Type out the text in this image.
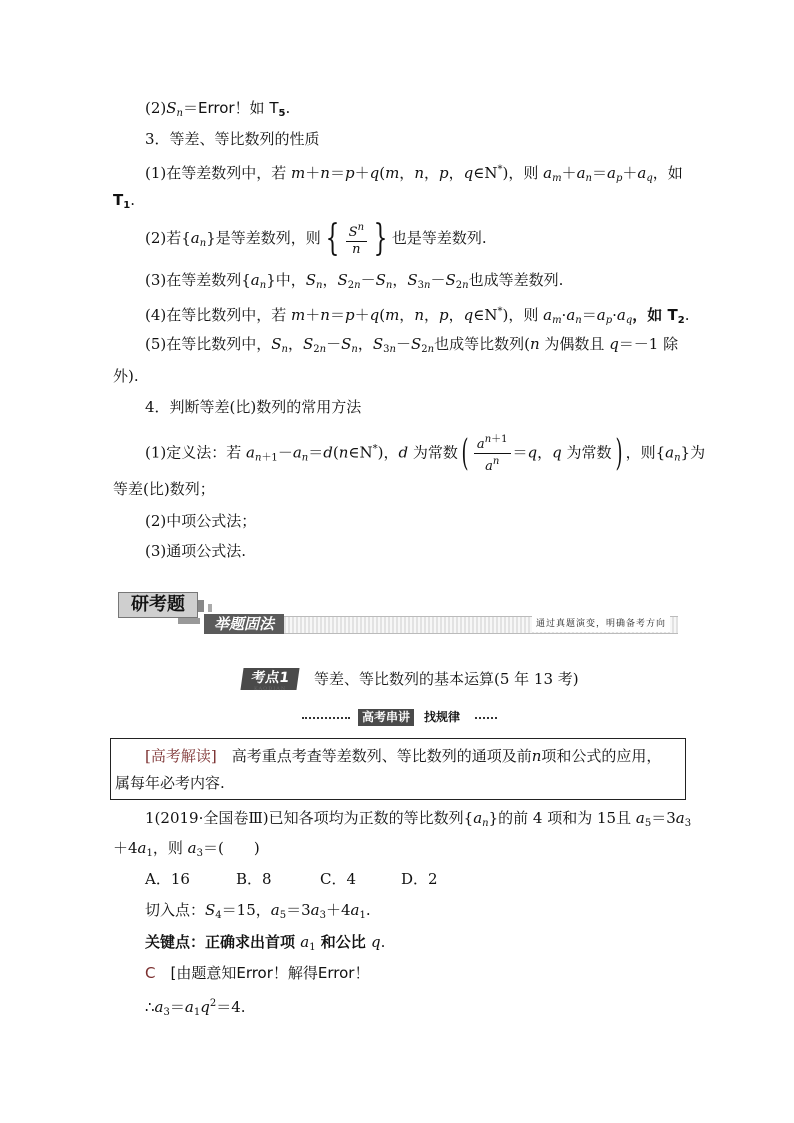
$(2)S_n=Error$！如 $T_5$.
3．等差、等比数列的性质
(1)在等差数列中，若 m＋n＝p＋q(m，n，p，q∈N*)，则 $a_m+a_n=a_p+a_q$，如
$T_1$.
(2)若$\{a_n\}$是等差数列，则 { $\frac{S^n}{n}$ } 也是等差数列.
(3)在等差数列$\{a_n\}$中，$S_n$，$S_{2n}-S_n$，$S_{3n}-S_{2n}$也成等差数列.
(4)在等比数列中，若 m＋n＝p＋q(m，n，p，q∈N*)，则 $a_m\cdot a_n=a_p\cdot a_q$，如 $T_2$.
(5)在等比数列中，$S_n$，$S_{2n}-S_n$，$S_{3n}-S_{2n}$也成等比数列(n 为偶数且 q＝－1 除
外).
4．判断等差(比)数列的常用方法
(1)定义法：若 $a_{n+1}-a_n=d(n\in N^*)$，d 为常数( $\frac{a^{n+1}}{a^n} =q$，q 为常数) ，则$\{a_n\}$为
等差(比)数列；
(2)中项公式法；
(3)通项公式法.
研考题
举题固法	通过真题演变，明确备考方向
考点1
KAODIAN
等差、等比数列的基本运算(5 年 13 考)
高考串讲	找规律
[高考解读]　高考重点考查等差数列、等比数列的通项及前n项和公式的应用，
属每年必考内容.
1(2019·全国卷Ⅲ)已知各项均为正数的等比数列$\{a_n\}$的前 4 项和为 15且 $a_5=3a_3$
$+4a_1$，则 $a_3=$(　　)
A．16	B．8	C．4	D．2
切入点：$S_4=15$，$a_5=3a_3+4a_1$.
关键点：正确求出首项 $a_1$ 和公比 q.
C　[由题意知Error！解得Error！
$\therefore a_3=a_1q^2=4$.
